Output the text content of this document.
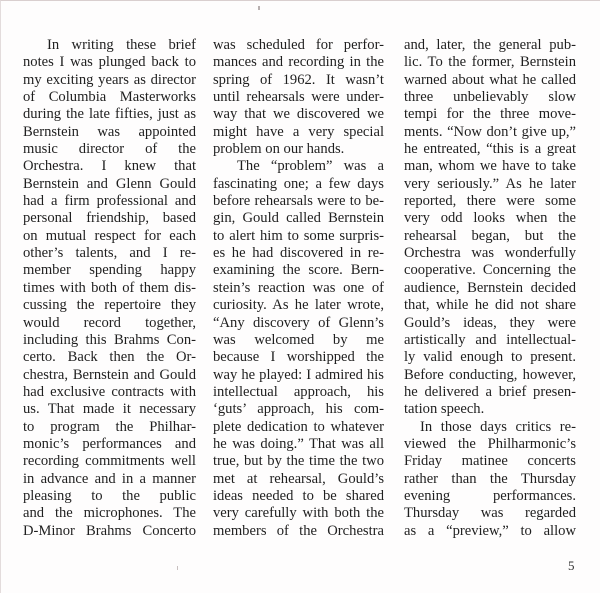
In writing these brief
notes I was plunged back to
my exciting years as director
of Columbia Masterworks
during the late fifties, just as
Bernstein was appointed
music director of the
Orchestra. I knew that
Bernstein and Glenn Gould
had a firm professional and
personal friendship, based
on mutual respect for each
other’s talents, and I re-
member spending happy
times with both of them dis-
cussing the repertoire they
would record together,
including this Brahms Con-
certo. Back then the Or-
chestra, Bernstein and Gould
had exclusive contracts with
us. That made it necessary
to program the Philhar-
monic’s performances and
recording commitments well
in advance and in a manner
pleasing to the public
and the microphones. The
D-Minor Brahms Concerto
was scheduled for perfor-
mances and recording in the
spring of 1962. It wasn’t
until rehearsals were under-
way that we discovered we
might have a very special
problem on our hands.
The “problem” was a
fascinating one; a few days
before rehearsals were to be-
gin, Gould called Bernstein
to alert him to some surpris-
es he had discovered in re-
examining the score. Bern-
stein’s reaction was one of
curiosity. As he later wrote,
“Any discovery of Glenn’s
was welcomed by me
because I worshipped the
way he played: I admired his
intellectual approach, his
‘guts’ approach, his com-
plete dedication to whatever
he was doing.” That was all
true, but by the time the two
met at rehearsal, Gould’s
ideas needed to be shared
very carefully with both the
members of the Orchestra
and, later, the general pub-
lic. To the former, Bernstein
warned about what he called
three unbelievably slow
tempi for the three move-
ments. “Now don’t give up,”
he entreated, “this is a great
man, whom we have to take
very seriously.” As he later
reported, there were some
very odd looks when the
rehearsal began, but the
Orchestra was wonderfully
cooperative. Concerning the
audience, Bernstein decided
that, while he did not share
Gould’s ideas, they were
artistically and intellectual-
ly valid enough to present.
Before conducting, however,
he delivered a brief presen-
tation speech.
In those days critics re-
viewed the Philharmonic’s
Friday matinee concerts
rather than the Thursday
evening performances.
Thursday was regarded
as a “preview,” to allow
5
